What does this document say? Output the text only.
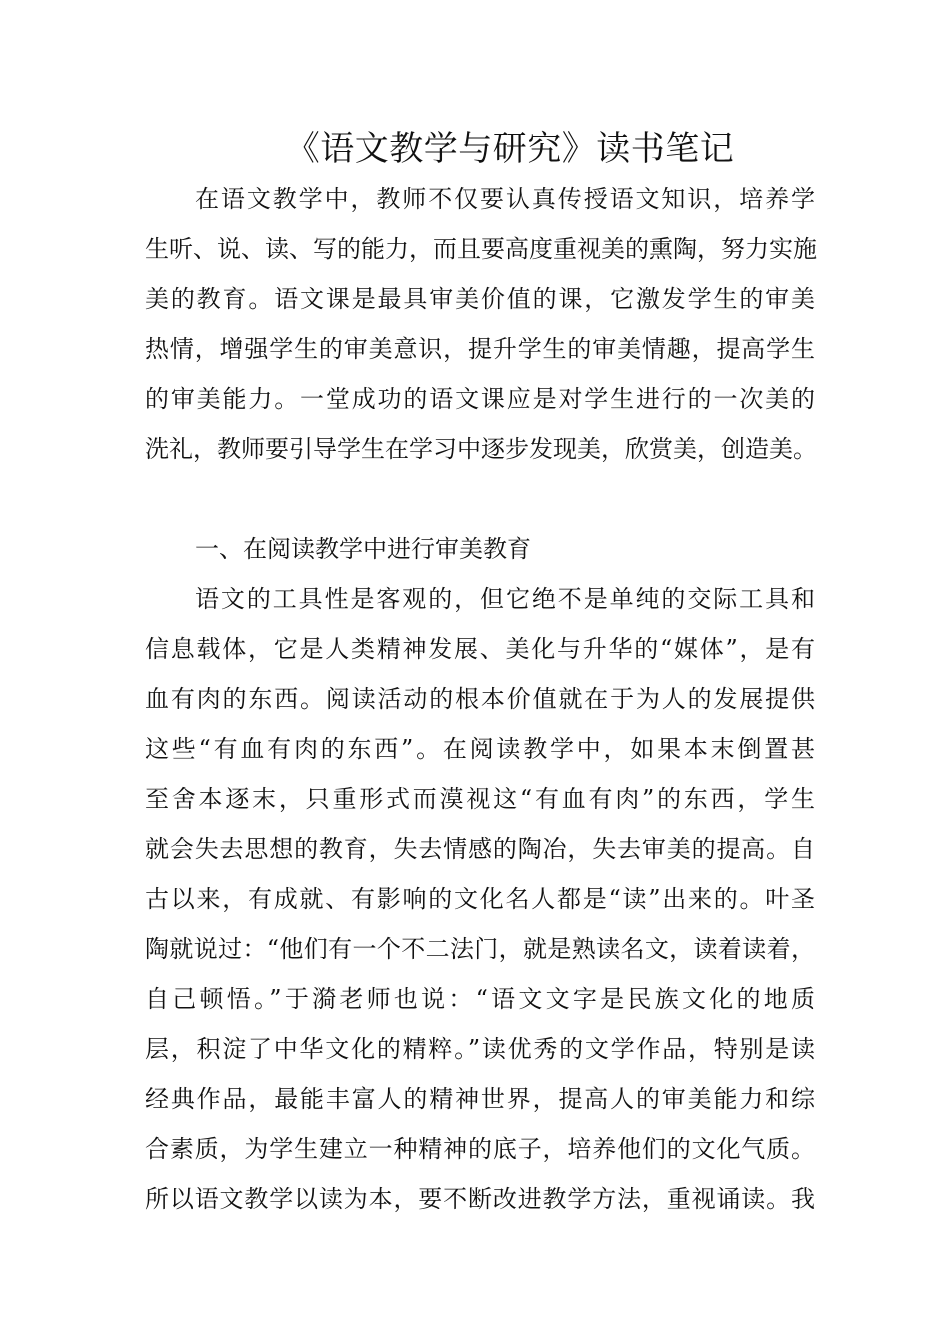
《语文教学与研究》读书笔记
在语文教学中，教师不仅要认真传授语文知识，培养学
生听、说、读、写的能力，而且要高度重视美的熏陶，努力实施
美的教育。语文课是最具审美价值的课，它激发学生的审美
热情，增强学生的审美意识，提升学生的审美情趣，提高学生
的审美能力。一堂成功的语文课应是对学生进行的一次美的
洗礼，教师要引导学生在学习中逐步发现美，欣赏美，创造美。
一、在阅读教学中进行审美教育
语文的工具性是客观的，但它绝不是单纯的交际工具和
信息载体，它是人类精神发展、美化与升华的“媒体”，是有
血有肉的东西。阅读活动的根本价值就在于为人的发展提供
这些“有血有肉的东西”。在阅读教学中，如果本末倒置甚
至舍本逐末，只重形式而漠视这“有血有肉”的东西，学生
就会失去思想的教育，失去情感的陶冶，失去审美的提高。自
古以来，有成就、有影响的文化名人都是“读”出来的。叶圣
陶就说过：“他们有一个不二法门，就是熟读名文，读着读着，
自己顿悟。”于漪老师也说：“语文文字是民族文化的地质
层，积淀了中华文化的精粹。”读优秀的文学作品，特别是读
经典作品，最能丰富人的精神世界，提高人的审美能力和综
合素质，为学生建立一种精神的底子，培养他们的文化气质。
所以语文教学以读为本，要不断改进教学方法，重视诵读。我
